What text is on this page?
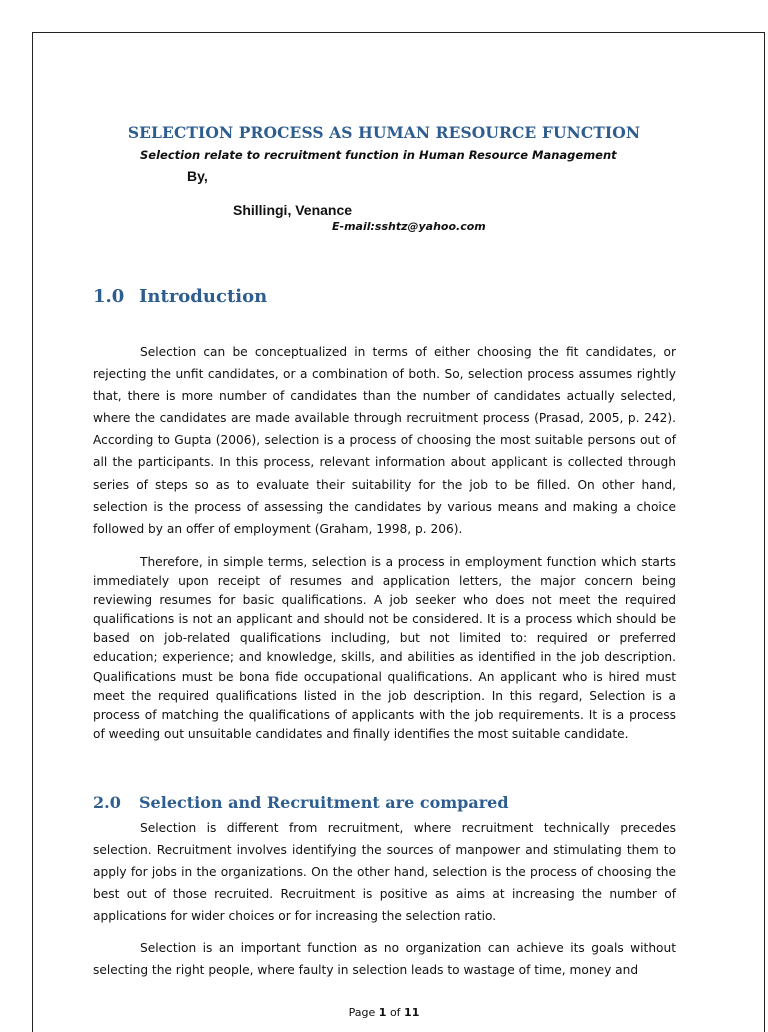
SELECTION PROCESS AS HUMAN RESOURCE FUNCTION
Selection relate to recruitment function in Human Resource Management
By,
Shillingi, Venance
E-mail:sshtz@yahoo.com
1.0 Introduction

Selection can be conceptualized in terms of either choosing the fit candidates, or rejecting the unfit candidates, or a combination of both. So, selection process assumes rightly that, there is more number of candidates than the number of candidates actually selected, where the candidates are made available through recruitment process (Prasad, 2005, p. 242). According to Gupta (2006), selection is a process of choosing the most suitable persons out of all the participants. In this process, relevant information about applicant is collected through series of steps so as to evaluate their suitability for the job to be filled. On other hand, selection is the process of assessing the candidates by various means and making a choice followed by an offer of employment (Graham, 1998, p. 206).

Therefore, in simple terms, selection is a process in employment function which starts immediately upon receipt of resumes and application letters, the major concern being reviewing resumes for basic qualifications. A job seeker who does not meet the required qualifications is not an applicant and should not be considered. It is a process which should be based on job-related qualifications including, but not limited to: required or preferred education; experience; and knowledge, skills, and abilities as identified in the job description. Qualifications must be bona fide occupational qualifications. An applicant who is hired must meet the required qualifications listed in the job description. In this regard, Selection is a process of matching the qualifications of applicants with the job requirements. It is a process of weeding out unsuitable candidates and finally identifies the most suitable candidate.

2.0 Selection and Recruitment are compared

Selection is different from recruitment, where recruitment technically precedes selection. Recruitment involves identifying the sources of manpower and stimulating them to apply for jobs in the organizations. On the other hand, selection is the process of choosing the best out of those recruited. Recruitment is positive as aims at increasing the number of applications for wider choices or for increasing the selection ratio.

Selection is an important function as no organization can achieve its goals without selecting the right people, where faulty in selection leads to wastage of time, money and

Page 1 of 11
